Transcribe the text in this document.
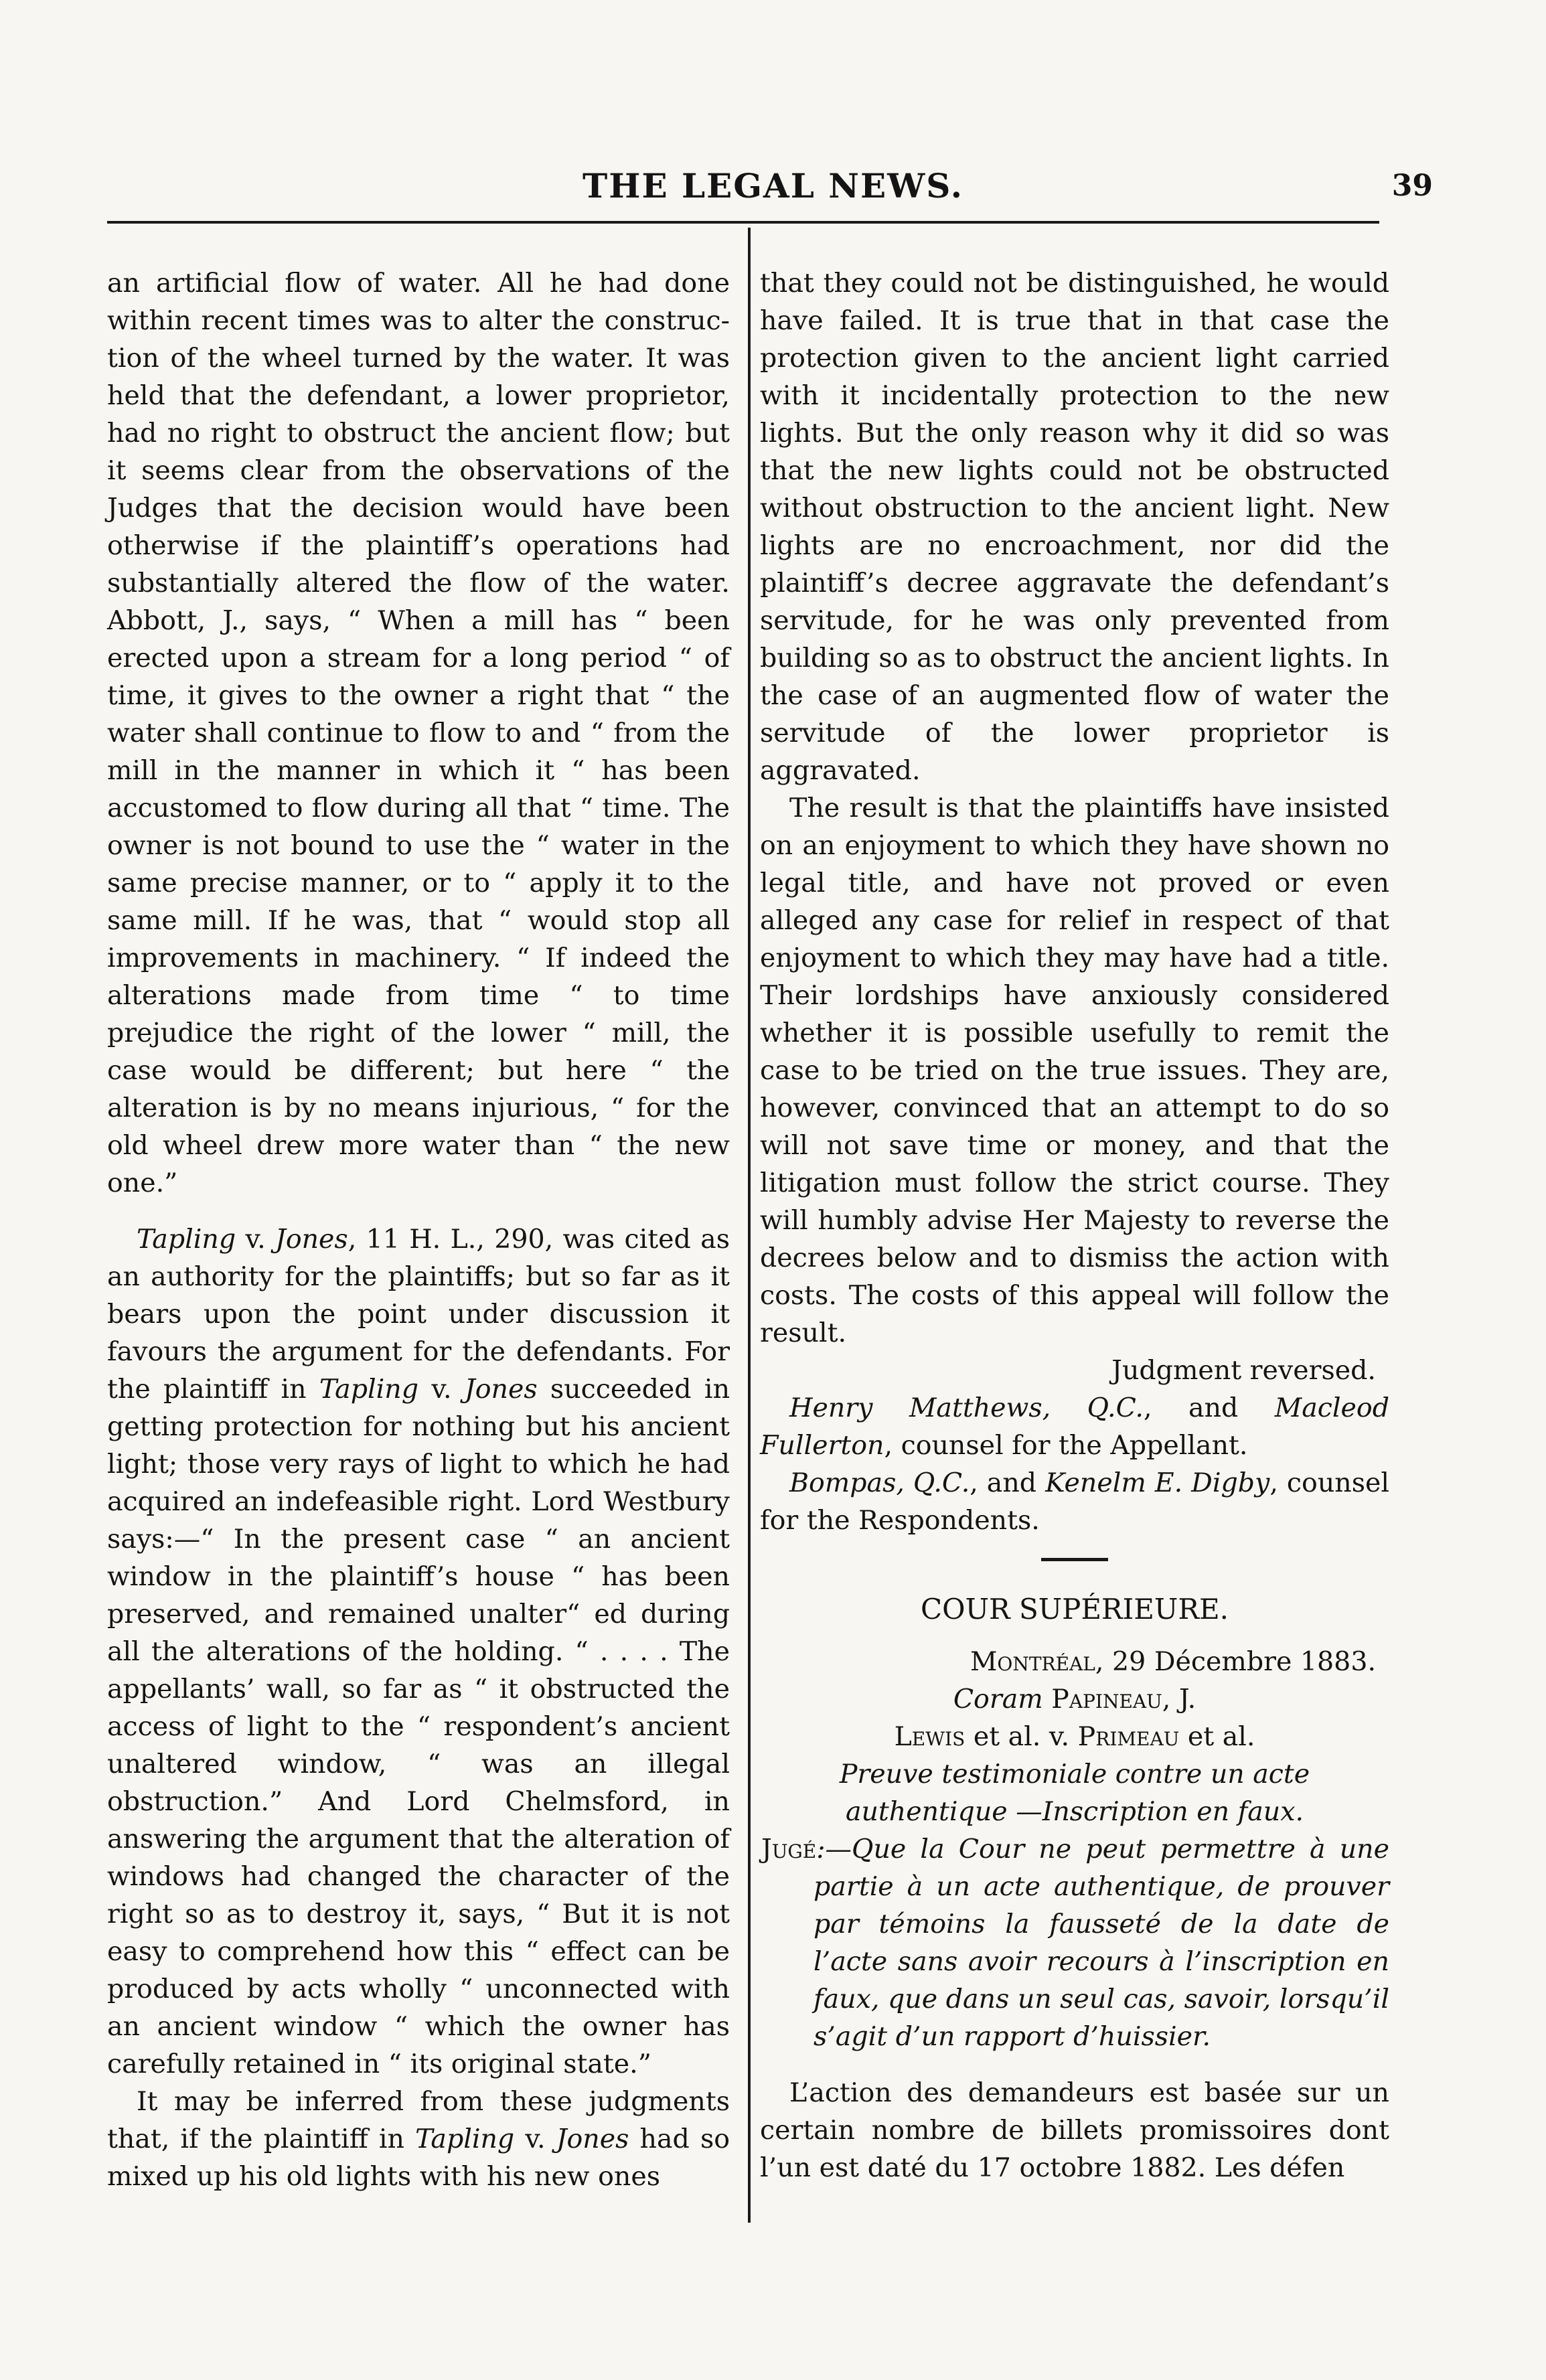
THE LEGAL NEWS.	39

an artificial flow of water. All he had done within recent times was to alter the construction of the wheel turned by the water. It was held that the defendant, a lower proprietor, had no right to obstruct the ancient flow; but it seems clear from the observations of the Judges that the decision would have been otherwise if the plaintiff’s operations had substantially altered the flow of the water. Abbott, J., says, “ When a mill has “ been erected upon a stream for a long period “ of time, it gives to the owner a right that “ the water shall continue to flow to and “ from the mill in the manner in which it “ has been accustomed to flow during all that “ time. The owner is not bound to use the “ water in the same precise manner, or to “ apply it to the same mill. If he was, that “ would stop all improvements in machinery. “ If indeed the alterations made from time “ to time prejudice the right of the lower “ mill, the case would be different; but here “ the alteration is by no means injurious, “ for the old wheel drew more water than “ the new one.”

Tapling v. Jones, 11 H. L., 290, was cited as an authority for the plaintiffs; but so far as it bears upon the point under discussion it favours the argument for the defendants. For the plaintiff in Tapling v. Jones succeeded in getting protection for nothing but his ancient light; those very rays of light to which he had acquired an indefeasible right. Lord Westbury says:—“ In the present case “ an ancient window in the plaintiff’s house “ has been preserved, and remained unalter“ ed during all the alterations of the holding. “ . . . . The appellants’ wall, so far as “ it obstructed the access of light to the “ respondent’s ancient unaltered window, “ was an illegal obstruction.” And Lord Chelmsford, in answering the argument that the alteration of windows had changed the character of the right so as to destroy it, says, “ But it is not easy to comprehend how this “ effect can be produced by acts wholly “ unconnected with an ancient window “ which the owner has carefully retained in “ its original state.”

It may be inferred from these judgments that, if the plaintiff in Tapling v. Jones had so mixed up his old lights with his new ones

that they could not be distinguished, he would have failed. It is true that in that case the protection given to the ancient light carried with it incidentally protection to the new lights. But the only reason why it did so was that the new lights could not be obstructed without obstruction to the ancient light. New lights are no encroachment, nor did the plaintiff’s decree aggravate the defendant’s servitude, for he was only prevented from building so as to obstruct the ancient lights. In the case of an augmented flow of water the servitude of the lower proprietor is aggravated.

The result is that the plaintiffs have insisted on an enjoyment to which they have shown no legal title, and have not proved or even alleged any case for relief in respect of that enjoyment to which they may have had a title. Their lordships have anxiously considered whether it is possible usefully to remit the case to be tried on the true issues. They are, however, convinced that an attempt to do so will not save time or money, and that the litigation must follow the strict course. They will humbly advise Her Majesty to reverse the decrees below and to dismiss the action with costs. The costs of this appeal will follow the result.

Judgment reversed.

Henry Matthews, Q.C., and Macleod Fullerton, counsel for the Appellant.

Bompas, Q.C., and Kenelm E. Digby, counsel for the Respondents.

COUR SUPÉRIEURE.

Montréal, 29 Décembre 1883.

Coram Papineau, J.

Lewis et al. v. Primeau et al.

Preuve testimoniale contre un acte authentique —Inscription en faux.

Jugé:—Que la Cour ne peut permettre à une partie à un acte authentique, de prouver par témoins la fausseté de la date de l’acte sans avoir recours à l’inscription en faux, que dans un seul cas, savoir, lorsqu’il s’agit d’un rapport d’huissier.

L’action des demandeurs est basée sur un certain nombre de billets promissoires dont l’un est daté du 17 octobre 1882. Les défen
